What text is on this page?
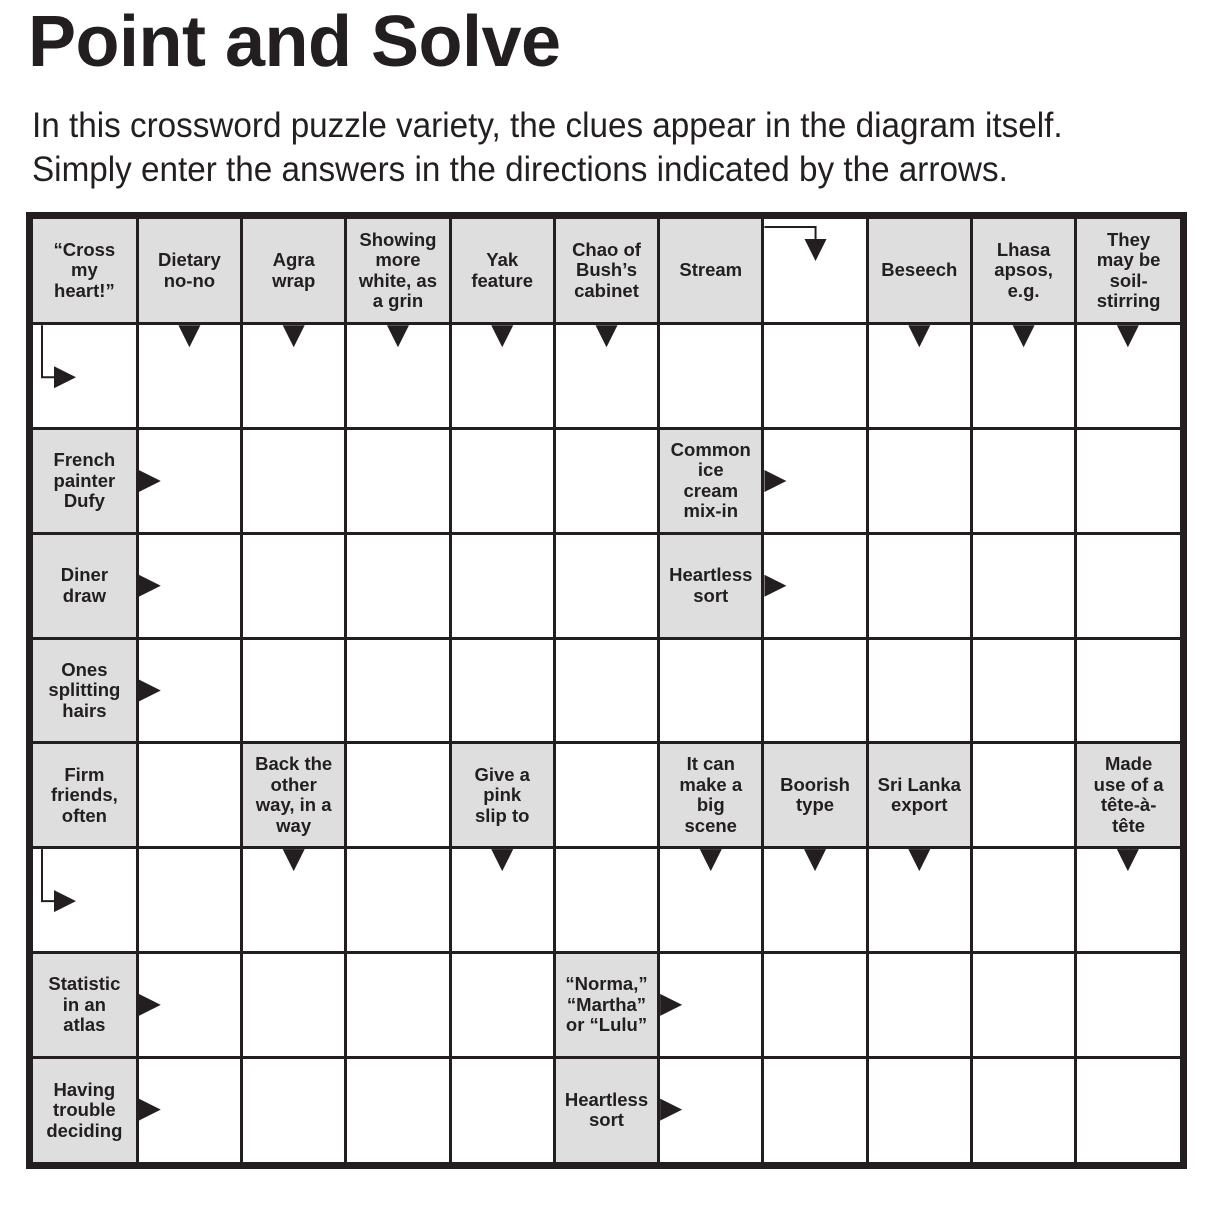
Point and Solve
In this crossword puzzle variety, the clues appear in the diagram itself.
Simply enter the answers in the directions indicated by the arrows.
“Cross
my
heart!”
Dietary
no-no
Agra
wrap
Showing
more
white, as
a grin
Yak
feature
Chao of
Bush’s
cabinet
Stream	Beseech
Lhasa
apsos,
e.g.
They
may be
soil-
stirring
French
painter
Dufy
Common
ice
cream
mix-in
Diner
draw
Heartless
sort
Ones
splitting
hairs
Firm
friends,
often
Back the
other
way, in a
way
Give a
pink
slip to
It can
make a
big
scene
Boorish
type
Sri Lanka
export
Made
use of a
tête-à-
tête
Statistic
in an
atlas
“Norma,”
“Martha”
or “Lulu”
Having
trouble
deciding
Heartless
sort
